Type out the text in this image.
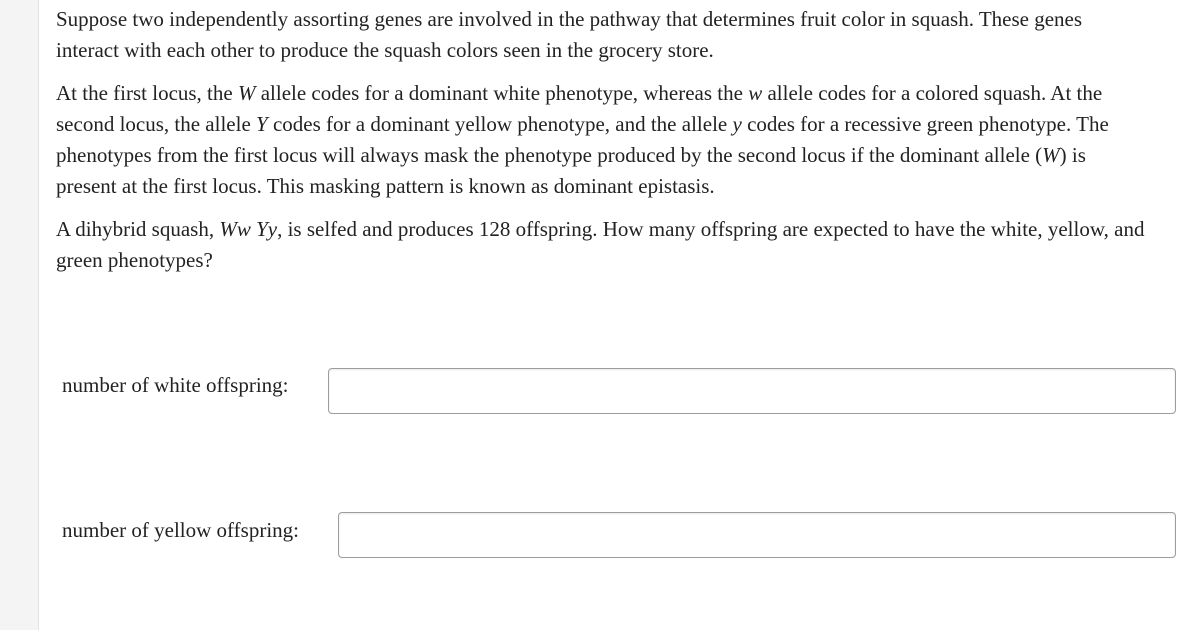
Suppose two independently assorting genes are involved in the pathway that determines fruit color in squash. These genes
interact with each other to produce the squash colors seen in the grocery store.

At the first locus, the W allele codes for a dominant white phenotype, whereas the w allele codes for a colored squash. At the
second locus, the allele Y codes for a dominant yellow phenotype, and the allele y codes for a recessive green phenotype. The
phenotypes from the first locus will always mask the phenotype produced by the second locus if the dominant allele (W) is
present at the first locus. This masking pattern is known as dominant epistasis.

A dihybrid squash, Ww Yy, is selfed and produces 128 offspring. How many offspring are expected to have the white, yellow, and
green phenotypes?

number of white offspring:
number of yellow offspring:
